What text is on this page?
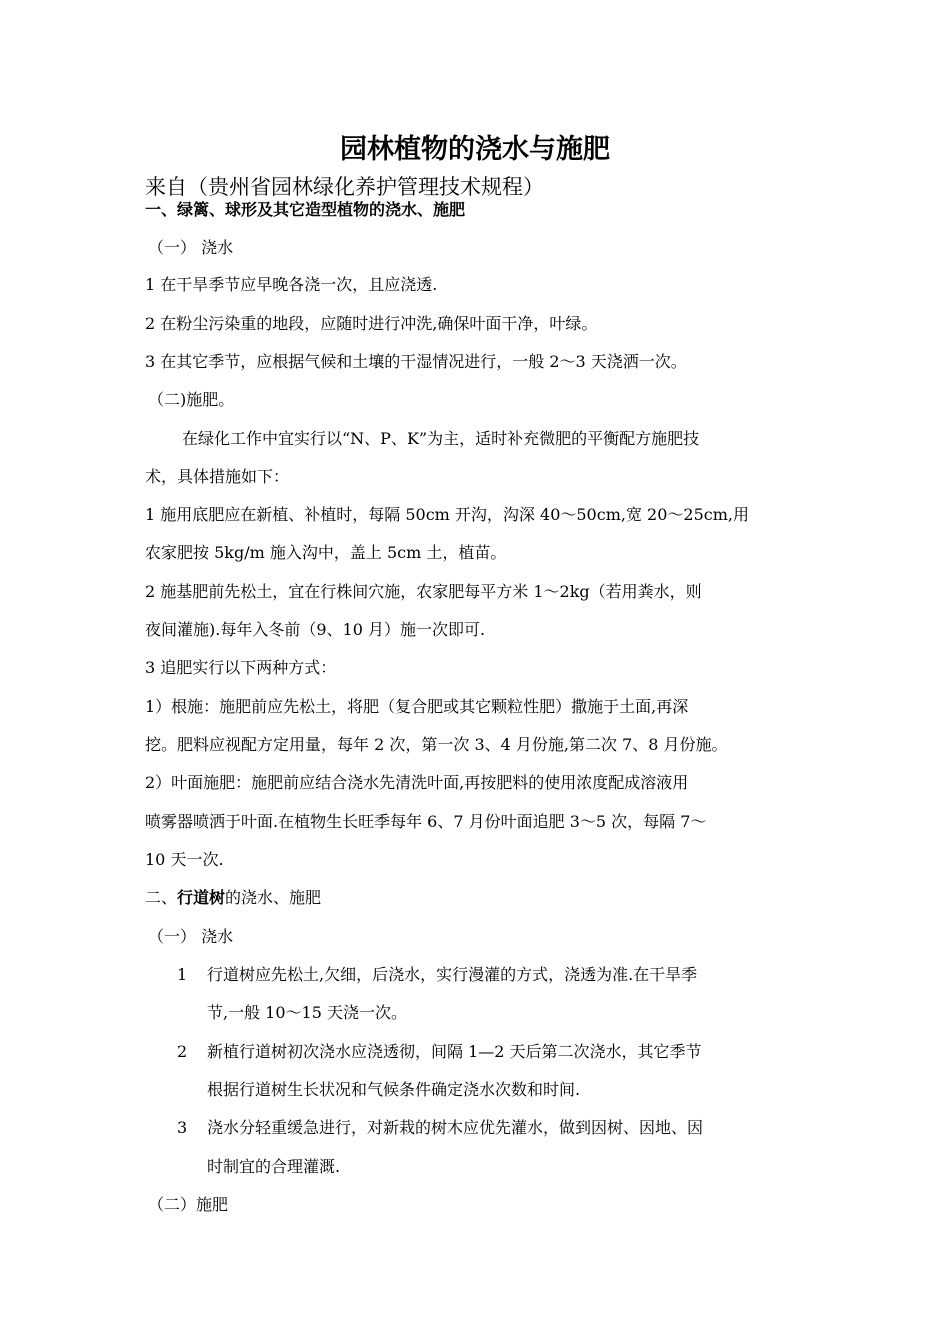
园林植物的浇水与施肥
来自（贵州省园林绿化养护管理技术规程）
一、绿篱、球形及其它造型植物的浇水、施肥
（一） 浇水
1 在干旱季节应早晚各浇一次，且应浇透.
2 在粉尘污染重的地段，应随时进行冲洗,确保叶面干净，叶绿。
3 在其它季节，应根据气候和土壤的干湿情况进行，一般 2～3 天浇洒一次。
（二)施肥。
在绿化工作中宜实行以“N、P、K”为主，适时补充微肥的平衡配方施肥技
术，具体措施如下：
1 施用底肥应在新植、补植时，每隔 50cm 开沟，沟深 40～50cm,宽 20～25cm,用
农家肥按 5kg/m 施入沟中，盖上 5cm 土，植苗。
2 施基肥前先松土，宜在行株间穴施，农家肥每平方米 1～2kg（若用粪水，则
夜间灌施).每年入冬前（9、10 月）施一次即可.
3 追肥实行以下两种方式：
1）根施：施肥前应先松土，将肥（复合肥或其它颗粒性肥）撒施于土面,再深
挖。肥料应视配方定用量，每年 2 次，第一次 3、4 月份施,第二次 7、8 月份施。
2）叶面施肥：施肥前应结合浇水先清洗叶面,再按肥料的使用浓度配成溶液用
喷雾器喷洒于叶面.在植物生长旺季每年 6、7 月份叶面追肥 3～5 次，每隔 7～
10 天一次.
二、行道树的浇水、施肥
（一） 浇水
1 行道树应先松土,欠细，后浇水，实行漫灌的方式，浇透为准.在干旱季
节,一般 10～15 天浇一次。
2 新植行道树初次浇水应浇透彻，间隔 1—2 天后第二次浇水，其它季节
根据行道树生长状况和气候条件确定浇水次数和时间.
3 浇水分轻重缓急进行，对新栽的树木应优先灌水，做到因树、因地、因
时制宜的合理灌溉.
（二）施肥
